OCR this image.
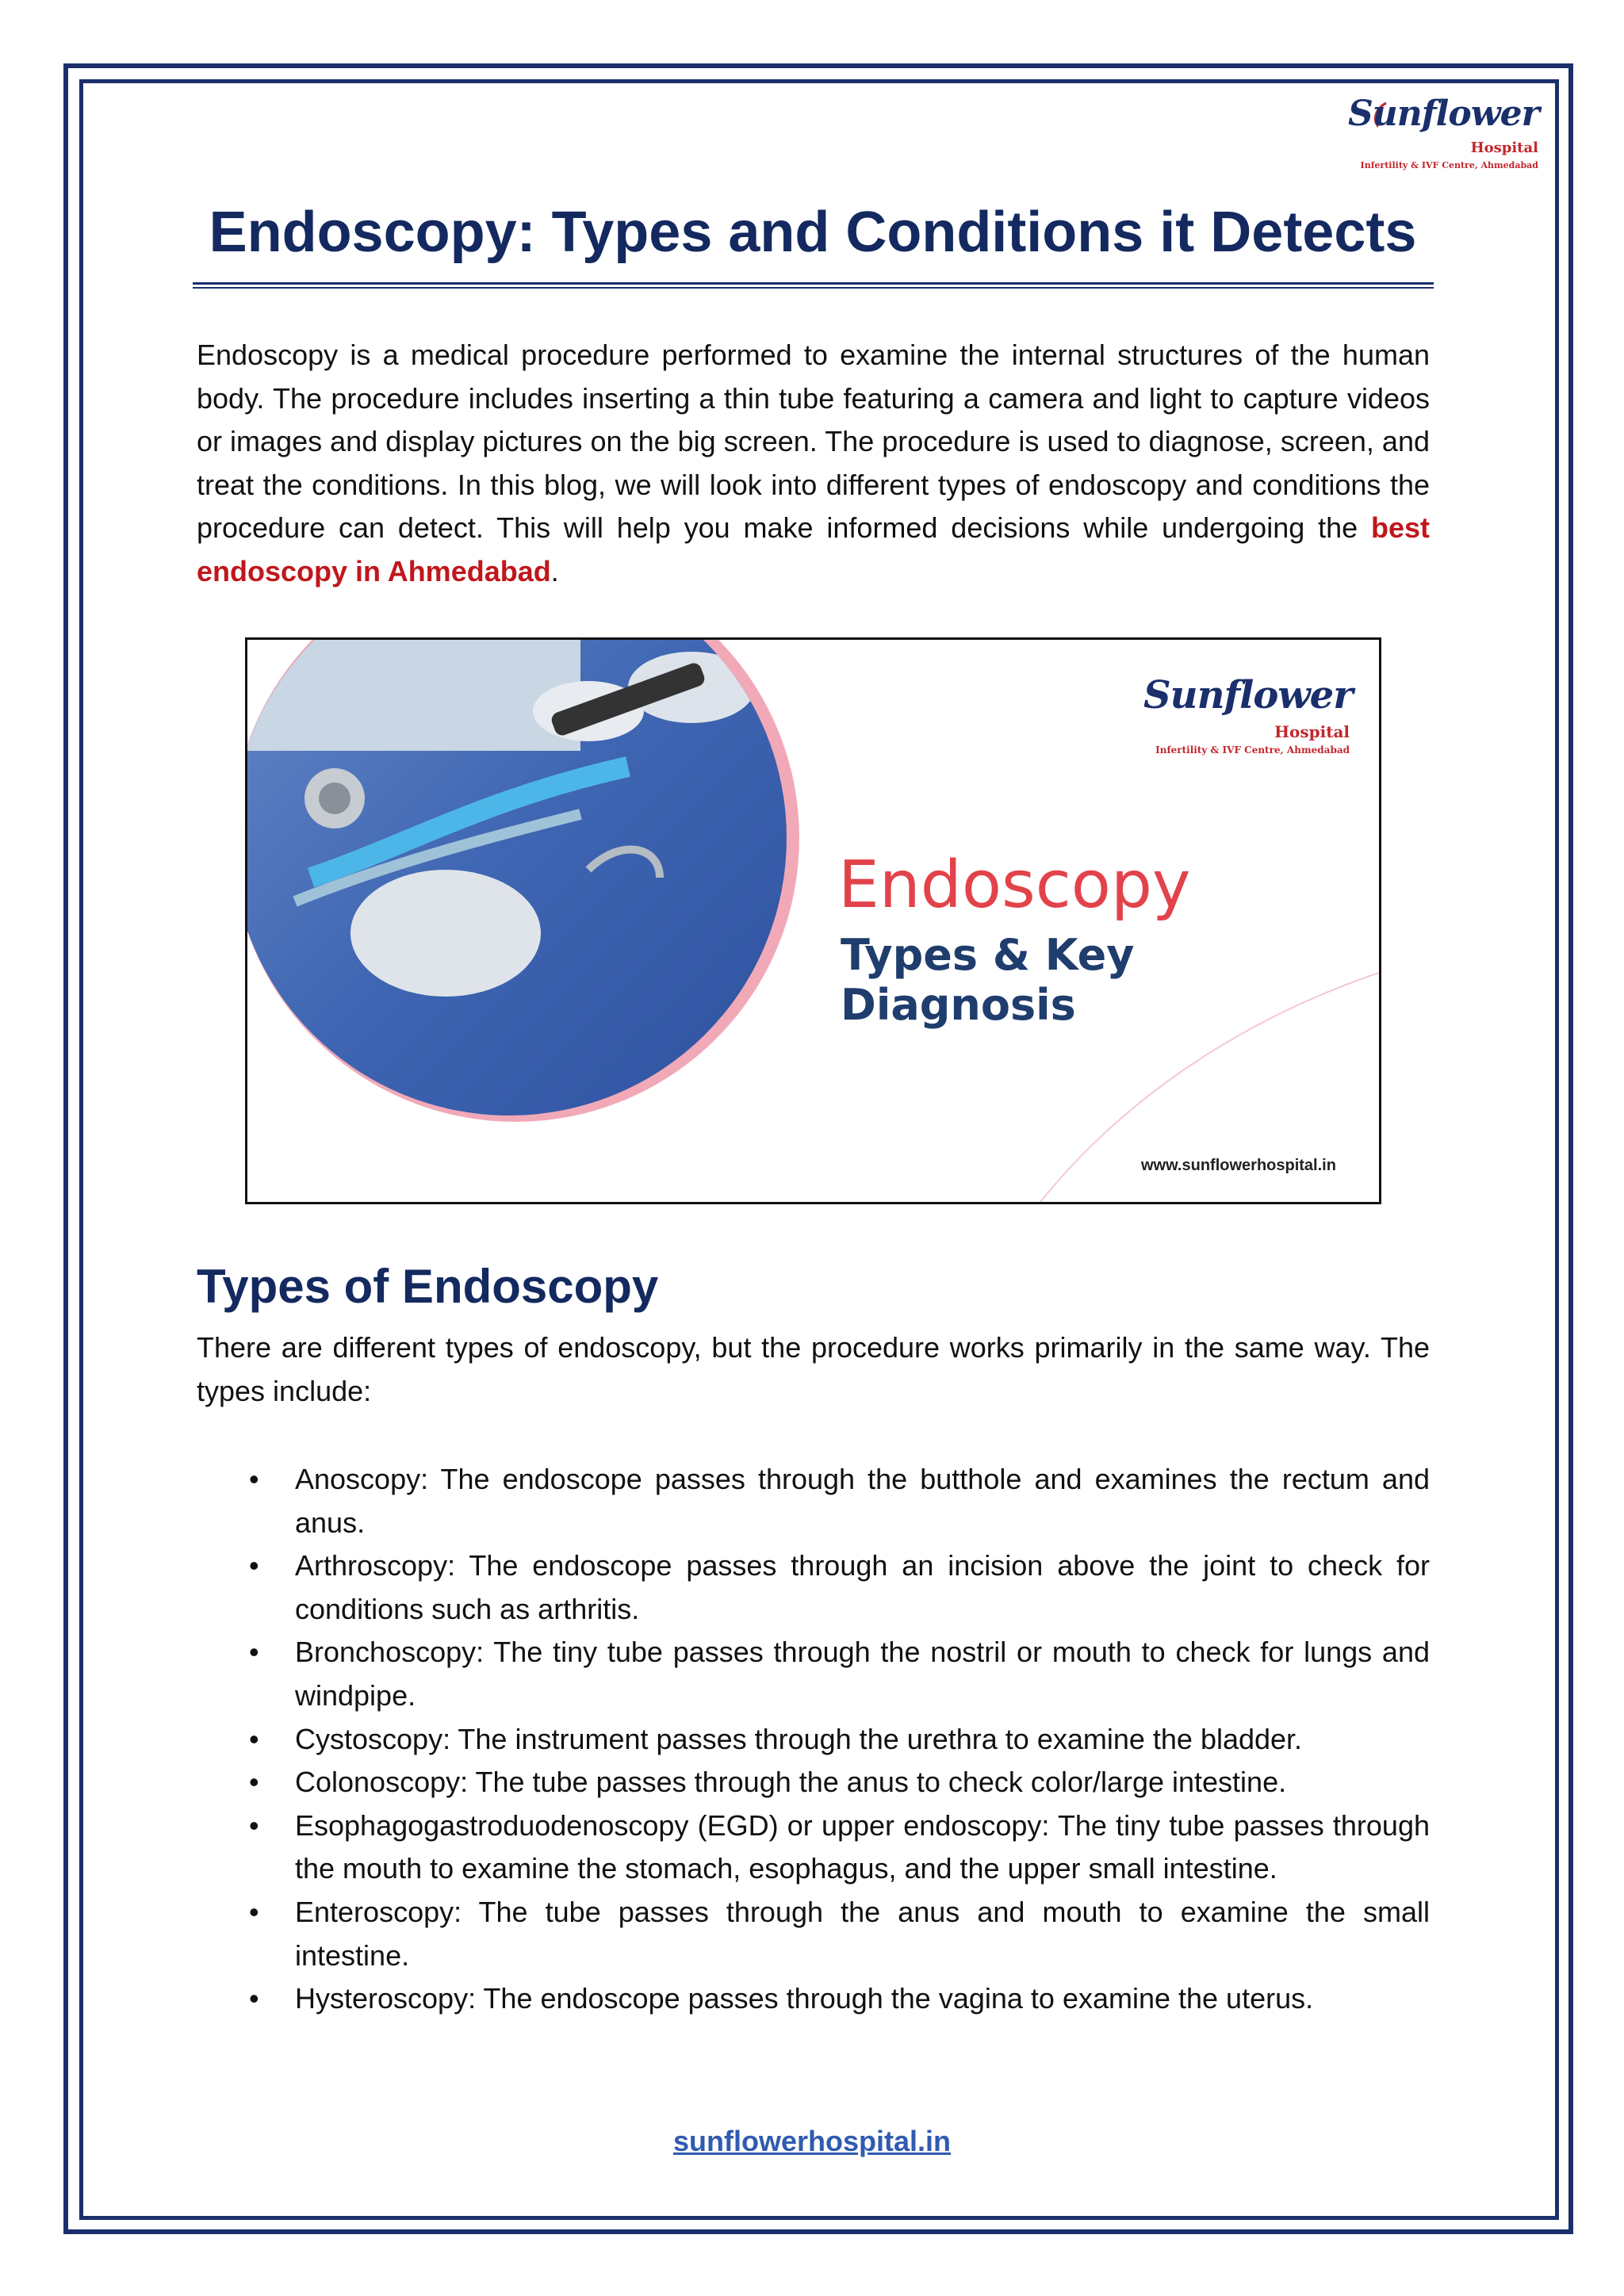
Sunflower
Hospital
Infertility & IVF Centre, Ahmedabad
Endoscopy: Types and Conditions it Detects

Endoscopy is a medical procedure performed to examine the internal structures of the human body. The procedure includes inserting a thin tube featuring a camera and light to capture videos or images and display pictures on the big screen. The procedure is used to diagnose, screen, and treat the conditions. In this blog, we will look into different types of endoscopy and conditions the procedure can detect. This will help you make informed decisions while undergoing the best endoscopy in Ahmedabad.

Sunflower
Hospital
Infertility & IVF Centre, Ahmedabad
Endoscopy
Types & Key Diagnosis
www.sunflowerhospital.in
Types of Endoscopy

There are different types of endoscopy, but the procedure works primarily in the same way. The types include:

• Anoscopy: The endoscope passes through the butthole and examines the rectum and anus.
• Arthroscopy: The endoscope passes through an incision above the joint to check for conditions such as arthritis.
• Bronchoscopy: The tiny tube passes through the nostril or mouth to check for lungs and windpipe.
• Cystoscopy: The instrument passes through the urethra to examine the bladder.
• Colonoscopy: The tube passes through the anus to check color/large intestine.
• Esophagogastroduodenoscopy (EGD) or upper endoscopy: The tiny tube passes through the mouth to examine the stomach, esophagus, and the upper small intestine.
• Enteroscopy: The tube passes through the anus and mouth to examine the small intestine.
• Hysteroscopy: The endoscope passes through the vagina to examine the uterus.
sunflowerhospital.in
